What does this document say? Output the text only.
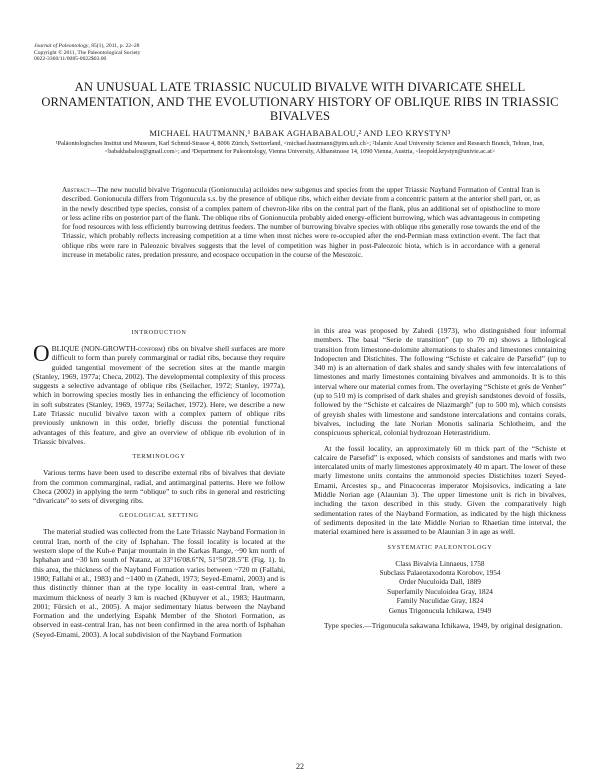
Journal of Paleontology, 85(1), 2011, p. 22–28
Copyright © 2011, The Paleontological Society
0022-3360/11/0085-0022$03.00
AN UNUSUAL LATE TRIASSIC NUCULID BIVALVE WITH DIVARICATE SHELL ORNAMENTATION, AND THE EVOLUTIONARY HISTORY OF OBLIQUE RIBS IN TRIASSIC BIVALVES
MICHAEL HAUTMANN,¹ BABAK AGHABABALOU,² AND LEO KRYSTYN³
¹Paläontologisches Institut und Museum, Karl Schmid-Strasse 4, 8006 Zürich, Switzerland, <michael.hautmann@pim.uzh.ch>; ²Islamic Azad University Science and Research Branch, Tehran, Iran, <babakhabalou@gmail.com>; and ³Department for Paleontology, Vienna University, Althanstrasse 14, 1090 Vienna, Austria, <leopold.krystyn@univie.ac.at>
Abstract—The new nuculid bivalve Trigonucula (Gonionucula) aciloides new subgenus and species from the upper Triassic Nayband Formation of Central Iran is described. Gonionucula differs from Trigonucula s.s. by the presence of oblique ribs, which either deviate from a concentric pattern at the anterior shell part, or, as in the newly described type species, consist of a complex pattern of chevron-like ribs on the central part of the flank, plus an additional set of opisthocline to more or less acline ribs on posterior part of the flank. The oblique ribs of Gonionucula probably aided energy-efficient burrowing, which was advantageous in competing for food resources with less efficiently burrowing detritus feeders. The number of burrowing bivalve species with oblique ribs generally rose towards the end of the Triassic, which probably reflects increasing competition at a time when most niches were re-occupied after the end-Permian mass extinction event. The fact that oblique ribs were rare in Paleozoic bivalves suggests that the level of competition was higher in post-Paleozoic biota, which is in accordance with a general increase in metabolic rates, predation pressure, and ecospace occupation in the course of the Mesozoic.
INTRODUCTION
OBLIQUE (NON-GROWTH-conform) ribs on bivalve shell surfaces are more difficult to form than purely commarginal or radial ribs, because they require guided tangential movement of the secretion sites at the mantle margin (Stanley, 1969, 1977a; Checa, 2002). The developmental complexity of this process suggests a selective advantage of oblique ribs (Seilacher, 1972; Stanley, 1977a), which in borrowing species mostly lies in enhancing the efficiency of locomotion in soft substrates (Stanley, 1969, 1977a; Seilacher, 1972). Here, we describe a new Late Triassic nuculid bivalve taxon with a complex pattern of oblique ribs previously unknown in this order, briefly discuss the potential functional advantages of this feature, and give an overview of oblique rib evolution of in Triassic bivalves.
TERMINOLOGY
Various terms have been used to describe external ribs of bivalves that deviate from the common commarginal, radial, and antimarginal patterns. Here we follow Checa (2002) in applying the term “oblique” to such ribs in general and restricting “divaricate” to sets of diverging ribs.
GEOLOGICAL SETTING
The material studied was collected from the Late Triassic Nayband Formation in central Iran, north of the city of Isphahan. The fossil locality is located at the western slope of the Kuh-e Panjar mountain in the Karkas Range, ~90 km north of Isphahan and ~30 km south of Natanz, at 33°16′08.6″N, 51°50′28.5″E (Fig. 1). In this area, the thickness of the Nayband Formation varies between ~720 m (Fallahi, 1980; Fallahi et al., 1983) and ~1400 m (Zahedi, 1973; Seyed-Emami, 2003) and is thus distinctly thinner than at the type locality in east-central Iran, where a maximum thickness of nearly 3 km is reached (Khuyver et al., 1983; Hautmann, 2001; Fürsich et al., 2005). A major sedimentary hiatus between the Nayband Formation and the underlying Espahk Member of the Shotori Formation, as observed in east-central Iran, has not been confirmed in the area north of Isphahan (Seyed-Emami, 2003). A local subdivision of the Nayband Formation
in this area was proposed by Zahedi (1973), who distinguished four informal members. The basal “Serie de transition” (up to 70 m) shows a lithological transition from limestone-dolomite alternations to shales and limestones containing Indopecten and Distichites. The following “Schiste et calcaire de Parsefid” (up to 340 m) is an alternation of dark shales and sandy shales with few intercalations of limestones and marly limestones containing bivalves and ammonoids. It is to this interval where our material comes from. The overlaying “Schiste et grés de Venher” (up to 510 m) is comprised of dark shales and greyish sandstones devoid of fossils, followed by the “Schiste et calcaires de Niazmargh” (up to 500 m), which consists of greyish shales with limestone and sandstone intercalations and contains corals, bivalves, including the late Norian Monotis salinaria Schlotheim, and the conspicuous spherical, colonial hydrozoan Heterastridium.
At the fossil locality, an approximately 60 m thick part of the “Schiste et calcaire de Parsefid” is exposed, which consists of sandstones and marls with two intercalated units of marly limestones approximately 40 m apart. The lower of these marly limestone units contains the ammonoid species Distichites tozeri Seyed-Emami, Arcestes sp., and Pinacoceras imperator Mojsisovics, indicating a late Middle Norian age (Alaunian 3). The upper limestone unit is rich in bivalves, including the taxon described in this study. Given the comparatively high sedimentation rates of the Nayband Formation, as indicated by the high thickness of sediments deposited in the late Middle Norian to Rhaetian time interval, the material examined here is assumed to be Alaunian 3 in age as well.
SYSTEMATIC PALEONTOLOGY
Class Bivalvia Linnaeus, 1758
Subclass Palaeotaxodonta Korobov, 1954
Order Nuculoida Dall, 1889
Superfamily Nuculoidea Gray, 1824
Family Nuculidae Gray, 1824
Genus Trigonucula Ichikawa, 1949
Type species.—Trigonucula sakawana Ichikawa, 1949, by original designation.
22
